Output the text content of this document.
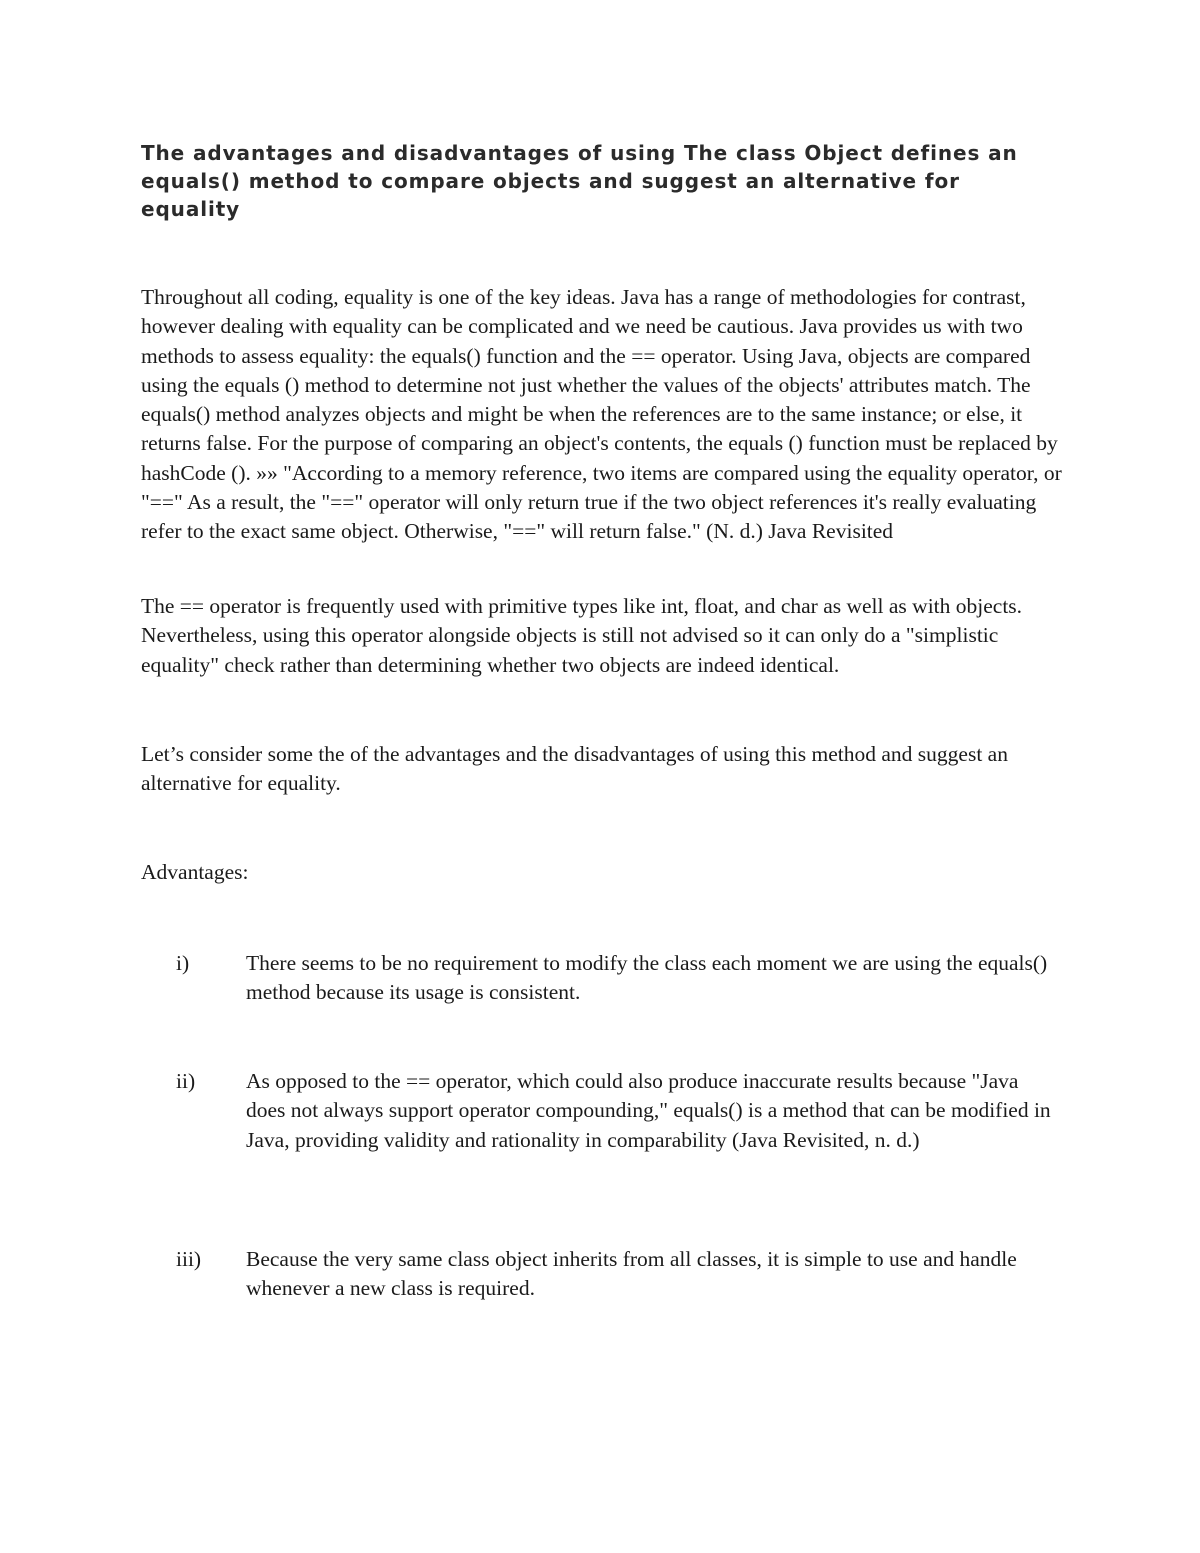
The advantages and disadvantages of using The class Object defines an equals() method to compare objects and suggest an alternative for equality

Throughout all coding, equality is one of the key ideas. Java has a range of methodologies for contrast, however dealing with equality can be complicated and we need be cautious. Java provides us with two methods to assess equality: the equals() function and the == operator. Using Java, objects are compared using the equals () method to determine not just whether the values of the objects' attributes match. The equals() method analyzes objects and might be when the references are to the same instance; or else, it returns false. For the purpose of comparing an object's contents, the equals () function must be replaced by hashCode (). »» "According to a memory reference, two items are compared using the equality operator, or "==" As a result, the "==" operator will only return true if the two object references it's really evaluating refer to the exact same object. Otherwise, "==" will return false." (N. d.) Java Revisited

The == operator is frequently used with primitive types like int, float, and char as well as with objects. Nevertheless, using this operator alongside objects is still not advised so it can only do a "simplistic equality" check rather than determining whether two objects are indeed identical.

Let’s consider some the of the advantages and the disadvantages of using this method and suggest an alternative for equality.

Advantages:

i)	There seems to be no requirement to modify the class each moment we are using the equals() method because its usage is consistent.

ii) As opposed to the == operator, which could also produce inaccurate results because "Java does not always support operator compounding," equals() is a method that can be modified in Java, providing validity and rationality in comparability (Java Revisited, n. d.)

iii) Because the very same class object inherits from all classes, it is simple to use and handle whenever a new class is required.
